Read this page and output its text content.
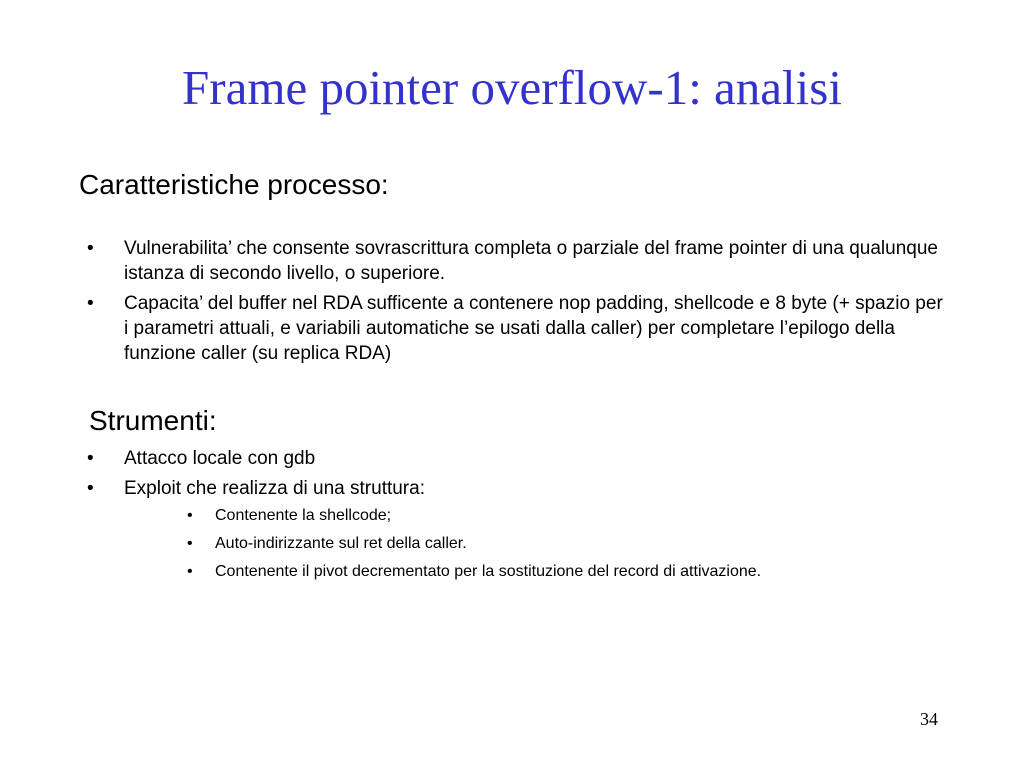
Frame pointer overflow-1: analisi
Caratteristiche processo:
• Vulnerabilita’ che consente sovrascrittura completa o parziale del frame pointer di una qualunque istanza di secondo livello, o superiore.
• Capacita’ del buffer nel RDA sufficente a contenere nop padding, shellcode e 8 byte (+ spazio per i parametri attuali, e variabili automatiche se usati dalla caller) per completare l’epilogo della funzione caller (su replica RDA)
Strumenti:
• Attacco locale con gdb
• Exploit che realizza di una struttura:
• Contenente la shellcode;
• Auto-indirizzante sul ret della caller.
• Contenente il pivot decrementato per la sostituzione del record di attivazione.
34
